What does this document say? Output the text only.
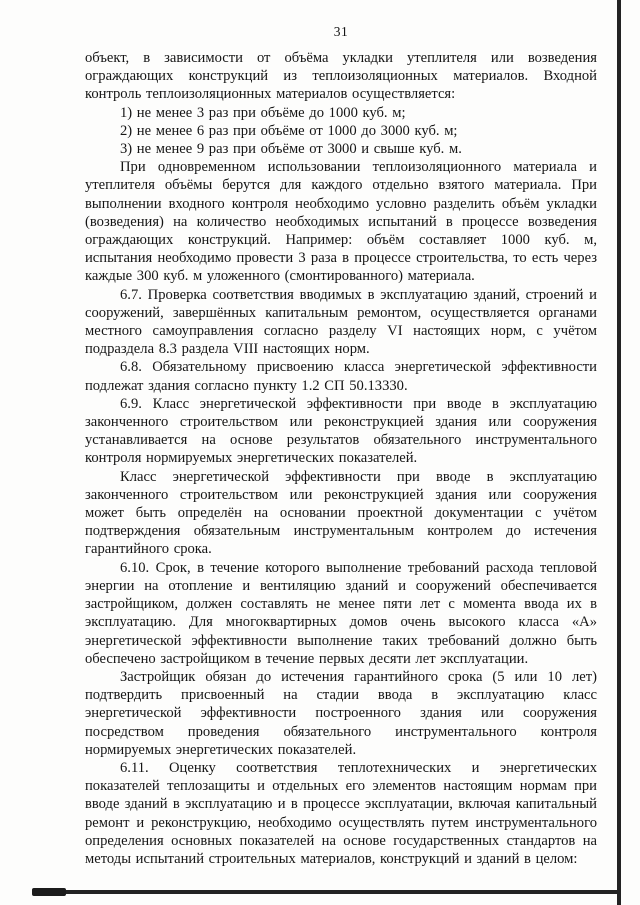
31

объект, в зависимости от объёма укладки утеплителя или возведения ограждающих конструкций из теплоизоляционных материалов. Входной контроль теплоизоляционных материалов осуществляется:

1) не менее 3 раз при объёме до 1000 куб. м;

2) не менее 6 раз при объёме от 1000 до 3000 куб. м;

3) не менее 9 раз при объёме от 3000 и свыше куб. м.

При одновременном использовании теплоизоляционного материала и утеплителя объёмы берутся для каждого отдельно взятого материала. При выполнении входного контроля необходимо условно разделить объём укладки (возведения) на количество необходимых испытаний в процессе возведения ограждающих конструкций. Например: объём составляет 1000 куб. м, испытания необходимо провести 3 раза в процессе строительства, то есть через каждые 300 куб. м уложенного (смонтированного) материала.

6.7. Проверка соответствия вводимых в эксплуатацию зданий, строений и сооружений, завершённых капитальным ремонтом, осуществляется органами местного самоуправления согласно разделу VI настоящих норм, с учётом подраздела 8.3 раздела VIII настоящих норм.

6.8. Обязательному присвоению класса энергетической эффективности подлежат здания согласно пункту 1.2 СП 50.13330.

6.9. Класс энергетической эффективности при вводе в эксплуатацию законченного строительством или реконструкцией здания или сооружения устанавливается на основе результатов обязательного инструментального контроля нормируемых энергетических показателей.

Класс энергетической эффективности при вводе в эксплуатацию законченного строительством или реконструкцией здания или сооружения может быть определён на основании проектной документации с учётом подтверждения обязательным инструментальным контролем до истечения гарантийного срока.

6.10. Срок, в течение которого выполнение требований расхода тепловой энергии на отопление и вентиляцию зданий и сооружений обеспечивается застройщиком, должен составлять не менее пяти лет с момента ввода их в эксплуатацию. Для многоквартирных домов очень высокого класса «А» энергетической эффективности выполнение таких требований должно быть обеспечено застройщиком в течение первых десяти лет эксплуатации.

Застройщик обязан до истечения гарантийного срока (5 или 10 лет) подтвердить присвоенный на стадии ввода в эксплуатацию класс энергетической эффективности построенного здания или сооружения посредством проведения обязательного инструментального контроля нормируемых энергетических показателей.

6.11. Оценку соответствия теплотехнических и энергетических показателей теплозащиты и отдельных его элементов настоящим нормам при вводе зданий в эксплуатацию и в процессе эксплуатации, включая капитальный ремонт и реконструкцию, необходимо осуществлять путем инструментального определения основных показателей на основе государственных стандартов на методы испытаний строительных материалов, конструкций и зданий в целом:
